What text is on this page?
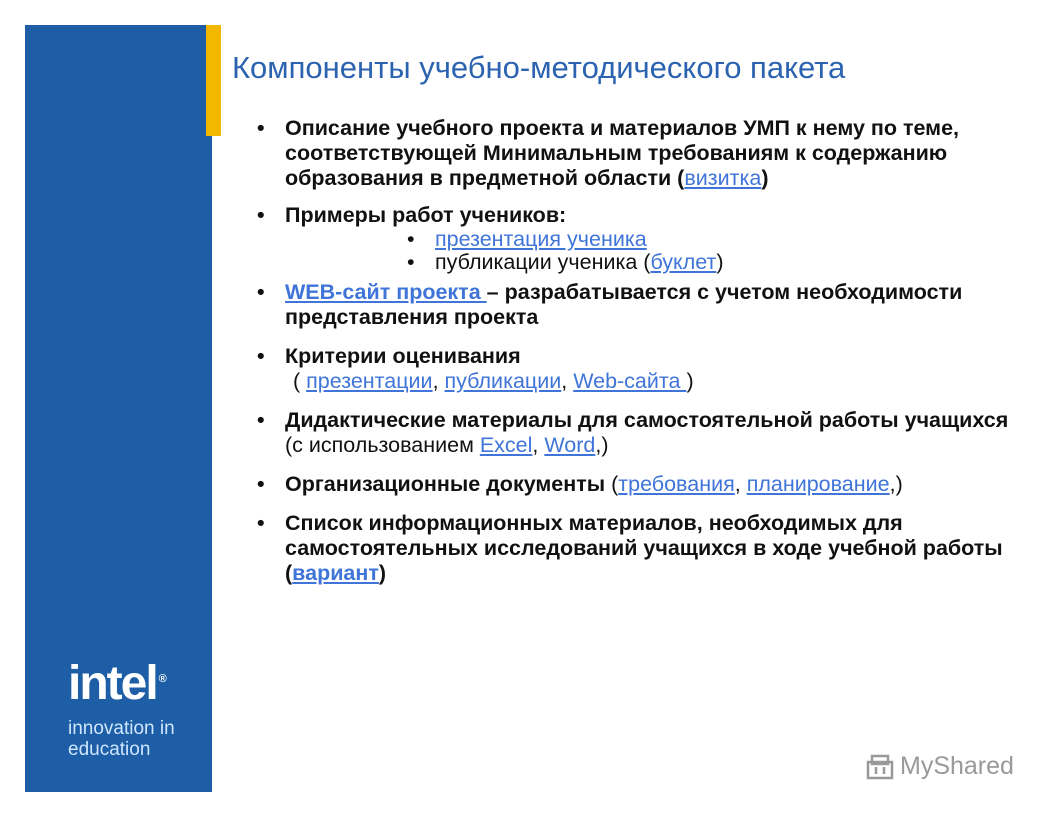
intel ®
innovation in
education
Компоненты учебно-методического пакета
• Описание учебного проекта и материалов УМП к нему по теме, соответствующей Минимальным требованиям к содержанию образования в предметной области (визитка)
• Примеры работ учеников:
• презентация ученика
• публикации ученика (буклет)
• WEB-сайт проекта – разрабатывается с учетом необходимости представления проекта
• Критерии оценивания
( презентации, публикации, Web-сайта )
• Дидактические материалы для самостоятельной работы учащихся (с использованием Excel, Word,)
• Организационные документы (требования, планирование,)
• Список информационных материалов, необходимых для самостоятельных исследований учащихся в ходе учебной работы (вариант)
MyShared
